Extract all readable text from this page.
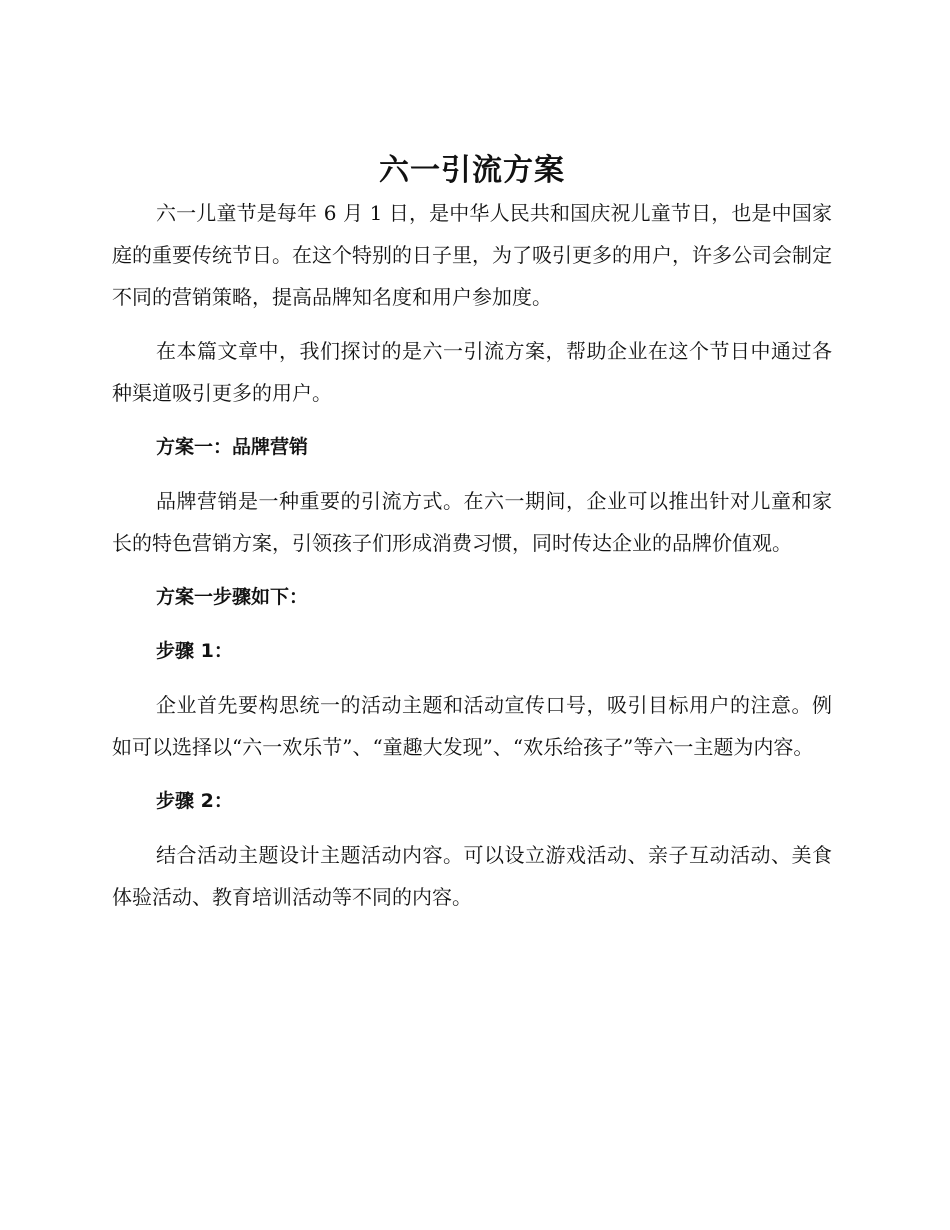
六一引流方案

六一儿童节是每年 6 月 1 日，是中华人民共和国庆祝儿童节日，也是中国家庭的重要传统节日。在这个特别的日子里，为了吸引更多的用户，许多公司会制定不同的营销策略，提高品牌知名度和用户参加度。

在本篇文章中，我们探讨的是六一引流方案，帮助企业在这个节日中通过各种渠道吸引更多的用户。

方案一：品牌营销

品牌营销是一种重要的引流方式。在六一期间，企业可以推出针对儿童和家长的特色营销方案，引领孩子们形成消费习惯，同时传达企业的品牌价值观。

方案一步骤如下：

步骤 1：

企业首先要构思统一的活动主题和活动宣传口号，吸引目标用户的注意。例如可以选择以“六一欢乐节”、“童趣大发现”、“欢乐给孩子”等六一主题为内容。

步骤 2：

结合活动主题设计主题活动内容。可以设立游戏活动、亲子互动活动、美食体验活动、教育培训活动等不同的内容。
